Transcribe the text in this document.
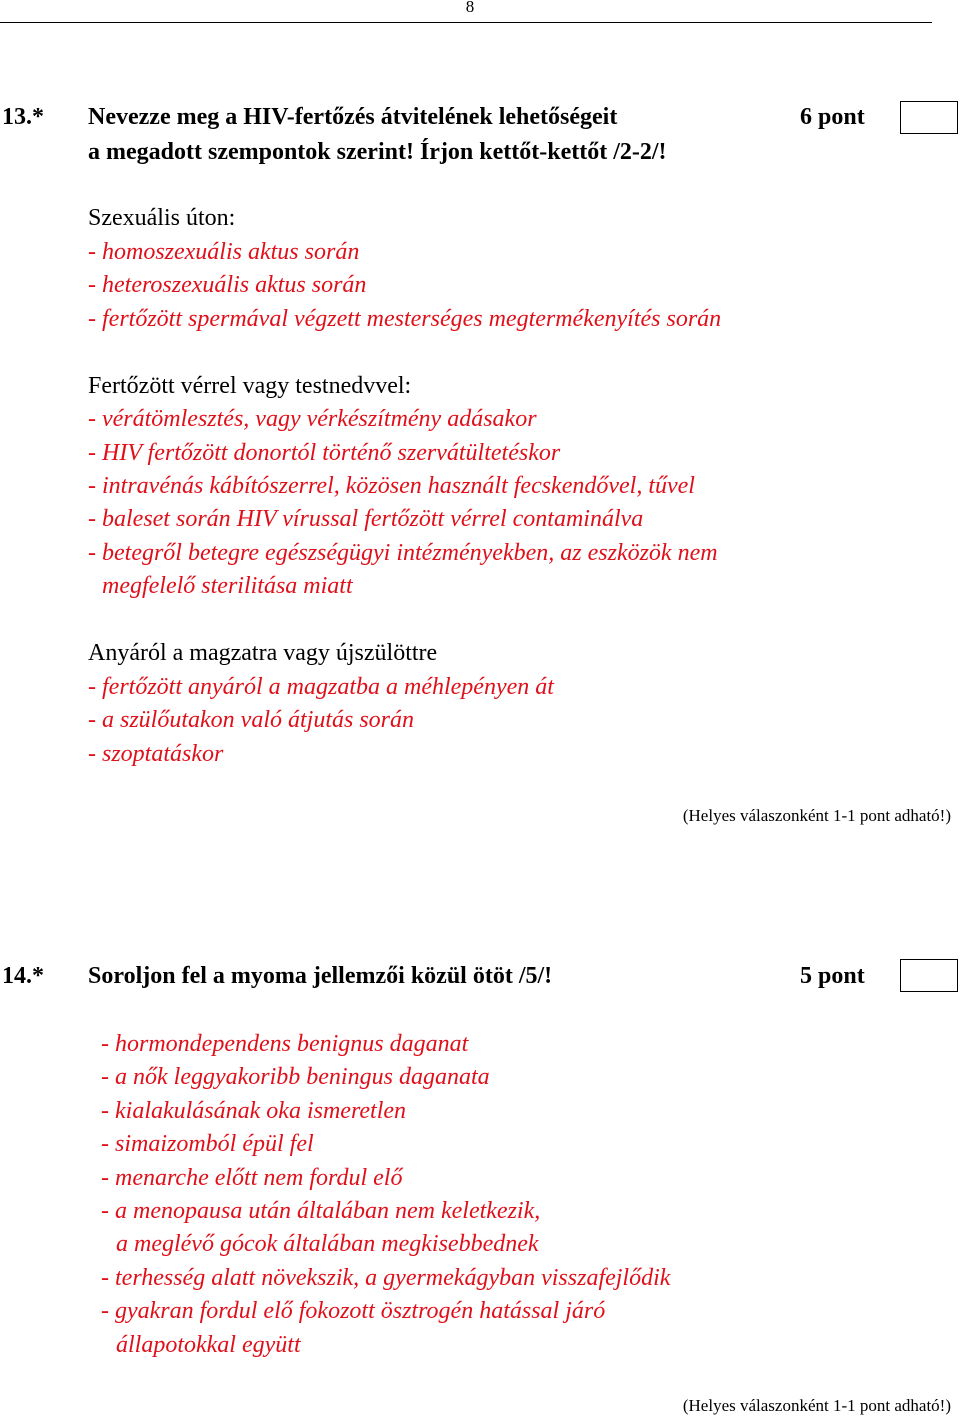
8
13.* Nevezze meg a HIV-fertőzés átvitelének lehetőségeit
a megadott szempontok szerint! Írjon kettőt-kettőt /2-2/!
6 pont
Szexuális úton:
- homoszexuális aktus során
- heteroszexuális aktus során
- fertőzött spermával végzett mesterséges megtermékenyítés során
Fertőzött vérrel vagy testnedvvel:
- vérátömlesztés, vagy vérkészítmény adásakor
- HIV fertőzött donortól történő szervátültetéskor
- intravénás kábítószerrel, közösen használt fecskendővel, tűvel
- baleset során HIV vírussal fertőzött vérrel contaminálva
- betegről betegre egészségügyi intézményekben, az eszközök nem
megfelelő sterilitása miatt
Anyáról a magzatra vagy újszülöttre
- fertőzött anyáról a magzatba a méhlepényen át
- a szülőutakon való átjutás során
- szoptatáskor
(Helyes válaszonként 1-1 pont adható!)
14.* Soroljon fel a myoma jellemzői közül ötöt /5/!	5 pont
- hormondependens benignus daganat
- a nők leggyakoribb beningus daganata
- kialakulásának oka ismeretlen
- simaizomból épül fel
- menarche előtt nem fordul elő
- a menopausa után általában nem keletkezik,
a meglévő gócok általában megkisebbednek
- terhesség alatt növekszik, a gyermekágyban visszafejlődik
- gyakran fordul elő fokozott ösztrogén hatással járó
állapotokkal együtt
(Helyes válaszonként 1-1 pont adható!)
